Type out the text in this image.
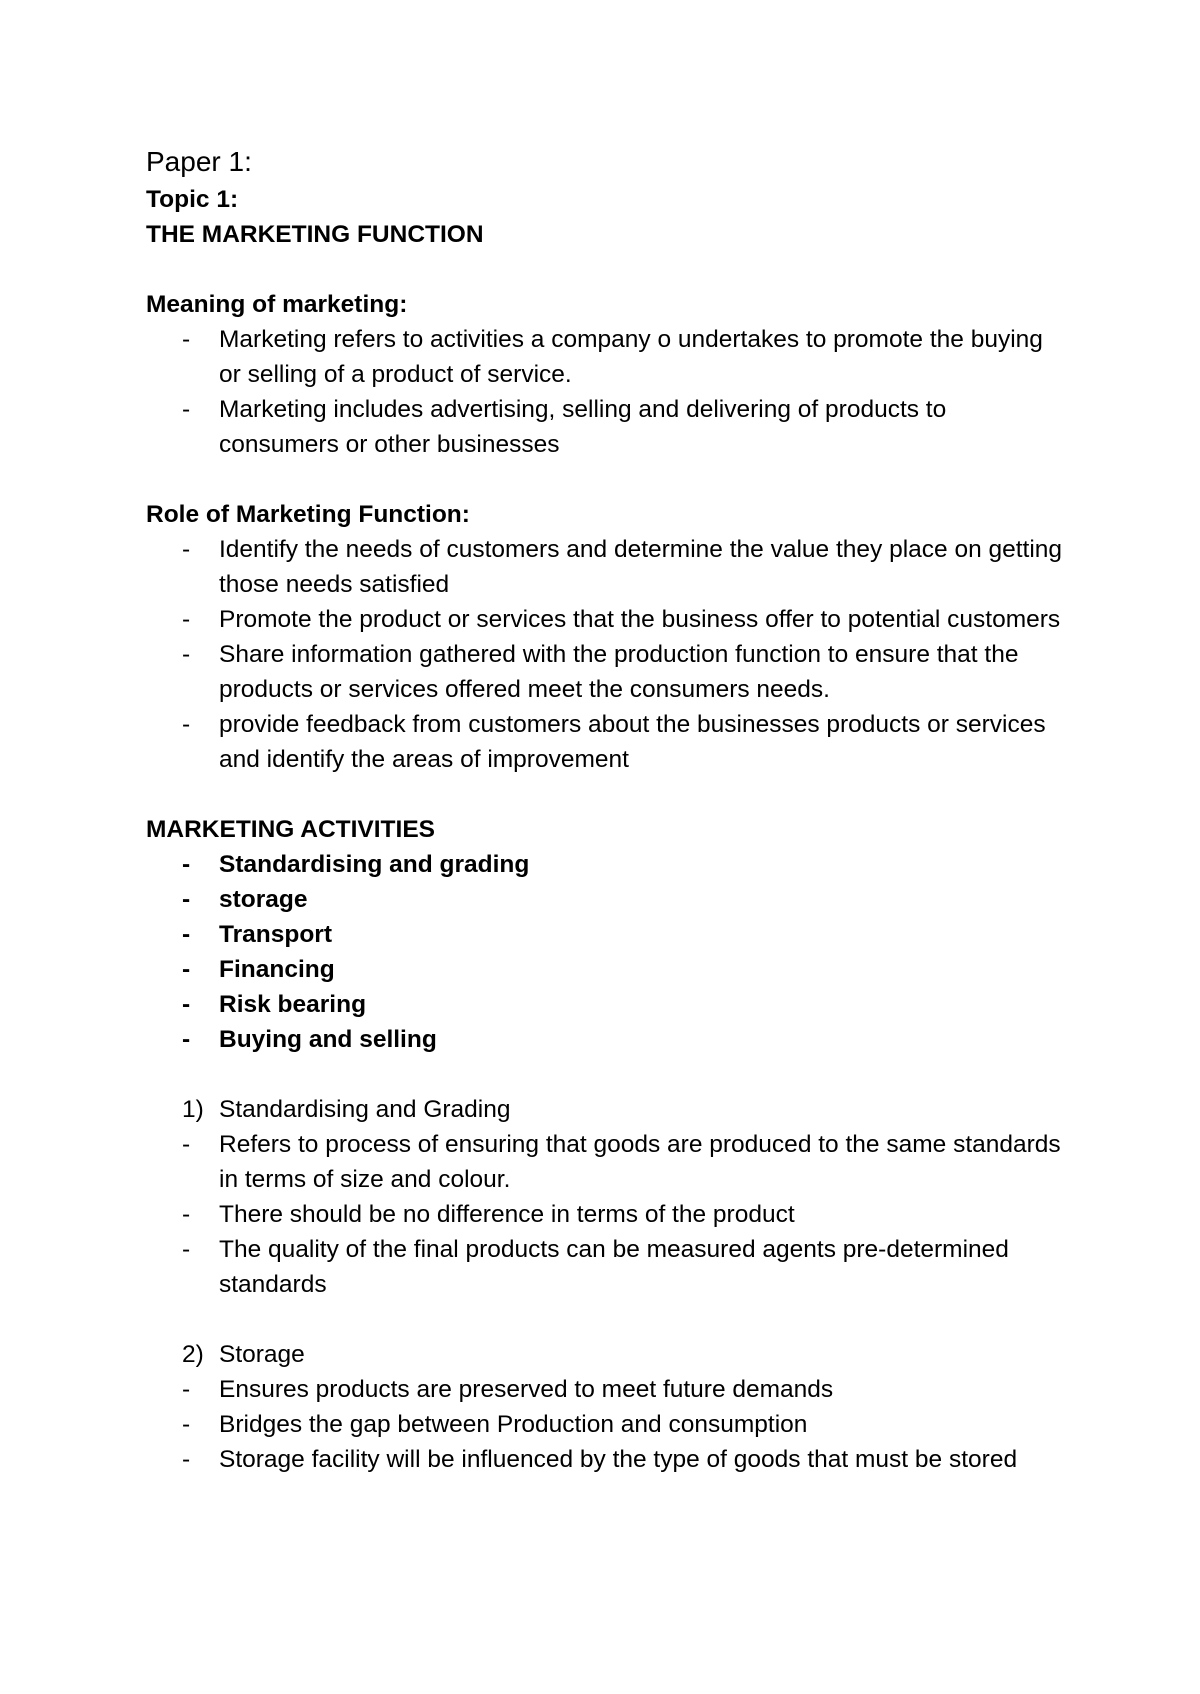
Paper 1:
Topic 1:
THE MARKETING FUNCTION
Meaning of marketing:
- Marketing refers to activities a company o undertakes to promote the buying or selling of a product of service.
- Marketing includes advertising, selling and delivering of products to consumers or other businesses
Role of Marketing Function:
- Identify the needs of customers and determine the value they place on getting those needs satisfied
- Promote the product or services that the business offer to potential customers
- Share information gathered with the production function to ensure that the products or services offered meet the consumers needs.
- provide feedback from customers about the businesses products or services and identify the areas of improvement
MARKETING ACTIVITIES
- Standardising and grading
- storage
- Transport
- Financing
- Risk bearing
- Buying and selling
1) Standardising and Grading
- Refers to process of ensuring that goods are produced to the same standards in terms of size and colour.
- There should be no difference in terms of the product
- The quality of the final products can be measured agents pre-determined standards
2) Storage
- Ensures products are preserved to meet future demands
- Bridges the gap between Production and consumption
- Storage facility will be influenced by the type of goods that must be stored
